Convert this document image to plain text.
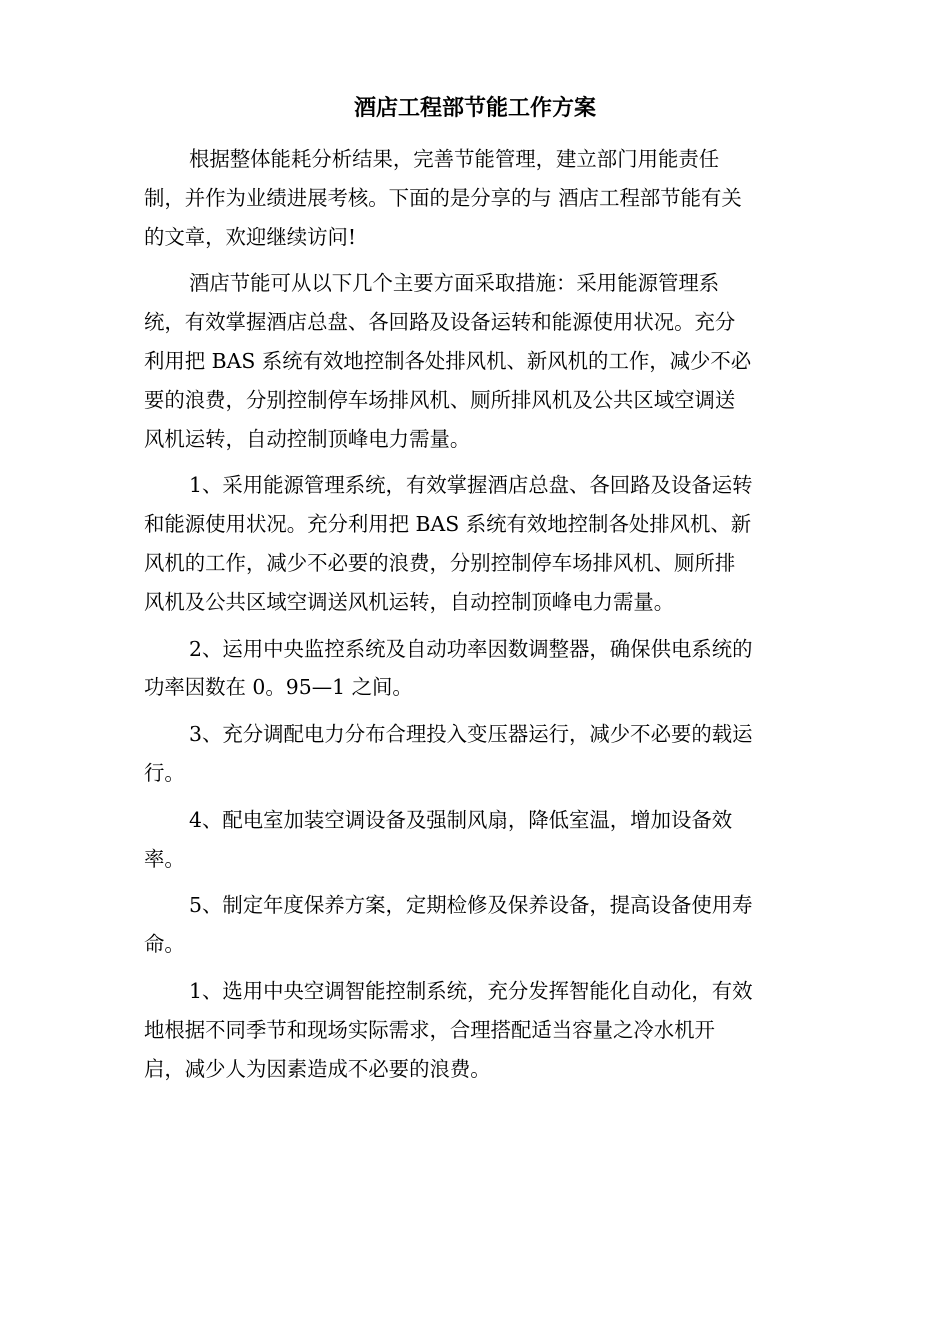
酒店工程部节能工作方案

根据整体能耗分析结果，完善节能管理，建立部门用能责任
制，并作为业绩进展考核。下面的是分享的与 酒店工程部节能有关
的文章，欢迎继续访问!

酒店节能可从以下几个主要方面采取措施：采用能源管理系
统，有效掌握酒店总盘、各回路及设备运转和能源使用状况。充分
利用把 BAS 系统有效地控制各处排风机、新风机的工作，减少不必
要的浪费，分别控制停车场排风机、厕所排风机及公共区域空调送
风机运转，自动控制顶峰电力需量。

1、采用能源管理系统，有效掌握酒店总盘、各回路及设备运转
和能源使用状况。充分利用把 BAS 系统有效地控制各处排风机、新
风机的工作，减少不必要的浪费，分别控制停车场排风机、厕所排
风机及公共区域空调送风机运转，自动控制顶峰电力需量。

2、运用中央监控系统及自动功率因数调整器，确保供电系统的
功率因数在 0。95—1 之间。

3、充分调配电力分布合理投入变压器运行，减少不必要的载运
行。

4、配电室加装空调设备及强制风扇，降低室温，增加设备效
率。

5、制定年度保养方案，定期检修及保养设备，提高设备使用寿
命。

1、选用中央空调智能控制系统，充分发挥智能化自动化，有效
地根据不同季节和现场实际需求，合理搭配适当容量之冷水机开
启，减少人为因素造成不必要的浪费。
